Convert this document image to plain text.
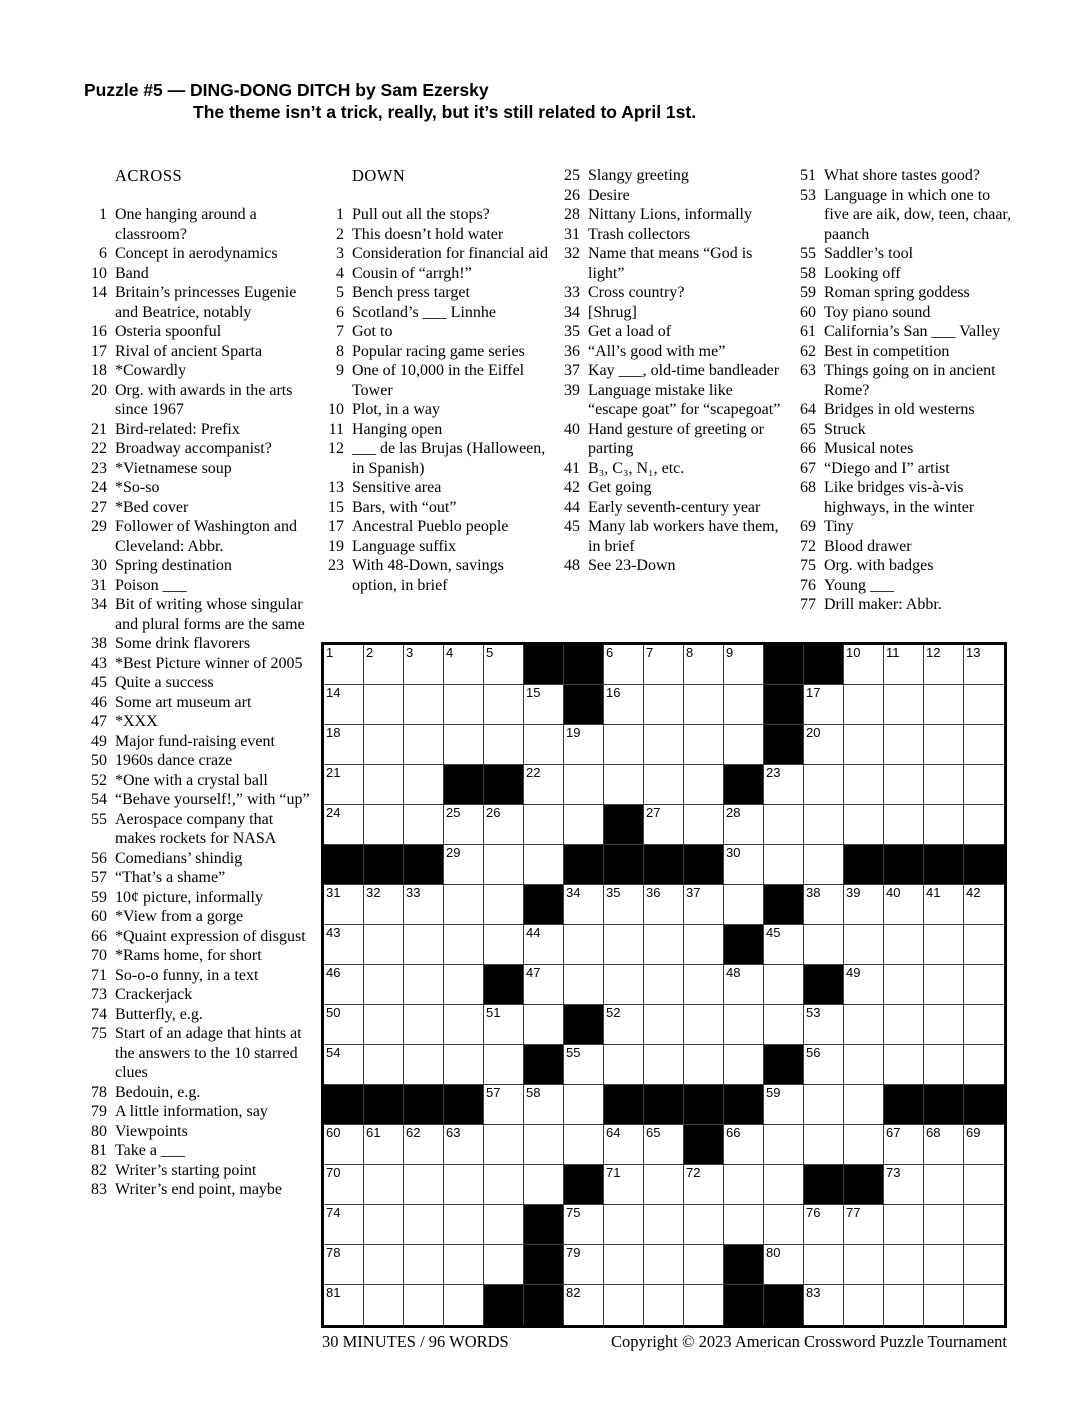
Puzzle #5 — DING-DONG DITCH by Sam Ezersky
The theme isn’t a trick, really, but it’s still related to April 1st.
ACROSS
1 One hanging around a classroom?
6 Concept in aerodynamics
10 Band
14 Britain’s princesses Eugenie and Beatrice, notably
16 Osteria spoonful
17 Rival of ancient Sparta
18 *Cowardly
20 Org. with awards in the arts since 1967
21 Bird-related: Prefix
22 Broadway accompanist?
23 *Vietnamese soup
24 *So-so
27 *Bed cover
29 Follower of Washington and Cleveland: Abbr.
30 Spring destination
31 Poison ___
34 Bit of writing whose singular and plural forms are the same
38 Some drink flavorers
43 *Best Picture winner of 2005
45 Quite a success
46 Some art museum art
47 *XXX
49 Major fund-raising event
50 1960s dance craze
52 *One with a crystal ball
54 “Behave yourself!,” with “up”
55 Aerospace company that makes rockets for NASA
56 Comedians’ shindig
57 “That’s a shame”
59 10¢ picture, informally
60 *View from a gorge
66 *Quaint expression of disgust
70 *Rams home, for short
71 So-o-o funny, in a text
73 Crackerjack
74 Butterfly, e.g.
75 Start of an adage that hints at the answers to the 10 starred clues
78 Bedouin, e.g.
79 A little information, say
80 Viewpoints
81 Take a ___
82 Writer’s starting point
83 Writer’s end point, maybe
DOWN
1 Pull out all the stops?
2 This doesn’t hold water
3 Consideration for financial aid
4 Cousin of “arrgh!”
5 Bench press target
6 Scotland’s ___ Linnhe
7 Got to
8 Popular racing game series
9 One of 10,000 in the Eiffel Tower
10 Plot, in a way
11 Hanging open
12 ___ de las Brujas (Halloween, in Spanish)
13 Sensitive area
15 Bars, with “out”
17 Ancestral Pueblo people
19 Language suffix
23 With 48-Down, savings option, in brief
25 Slangy greeting
26 Desire
28 Nittany Lions, informally
31 Trash collectors
32 Name that means “God is light”
33 Cross country?
34 [Shrug]
35 Get a load of
36 “All’s good with me”
37 Kay ___, old-time bandleader
39 Language mistake like “escape goat” for “scapegoat”
40 Hand gesture of greeting or parting
41 B₃, C₃, N₁, etc.
42 Get going
44 Early seventh-century year
45 Many lab workers have them, in brief
48 See 23-Down
51 What shore tastes good?
53 Language in which one to five are aik, dow, teen, chaar, paanch
55 Saddler’s tool
58 Looking off
59 Roman spring goddess
60 Toy piano sound
61 California’s San ___ Valley
62 Best in competition
63 Things going on in ancient Rome?
64 Bridges in old westerns
65 Struck
66 Musical notes
67 “Diego and I” artist
68 Like bridges vis-à-vis highways, in the winter
69 Tiny
72 Blood drawer
75 Org. with badges
76 Young ___
77 Drill maker: Abbr.
1	2	3	4	5	6	7	8	9	10 11 12 13
14	15	16	17
18	19	20
21	22	23
24	25 26	27	28
29	30
31 32 33	34 35 36 37	38 39 40 41 42
43	44	45
46	47	48	49
50	51	52	53
54	55	56
57 58	59
60 61 62 63	64 65	66	67 68 69
70	71	72	73
74	75	76 77
78	79	80
81	82	83
30 MINUTES / 96 WORDS	Copyright © 2023 American Crossword Puzzle Tournament
